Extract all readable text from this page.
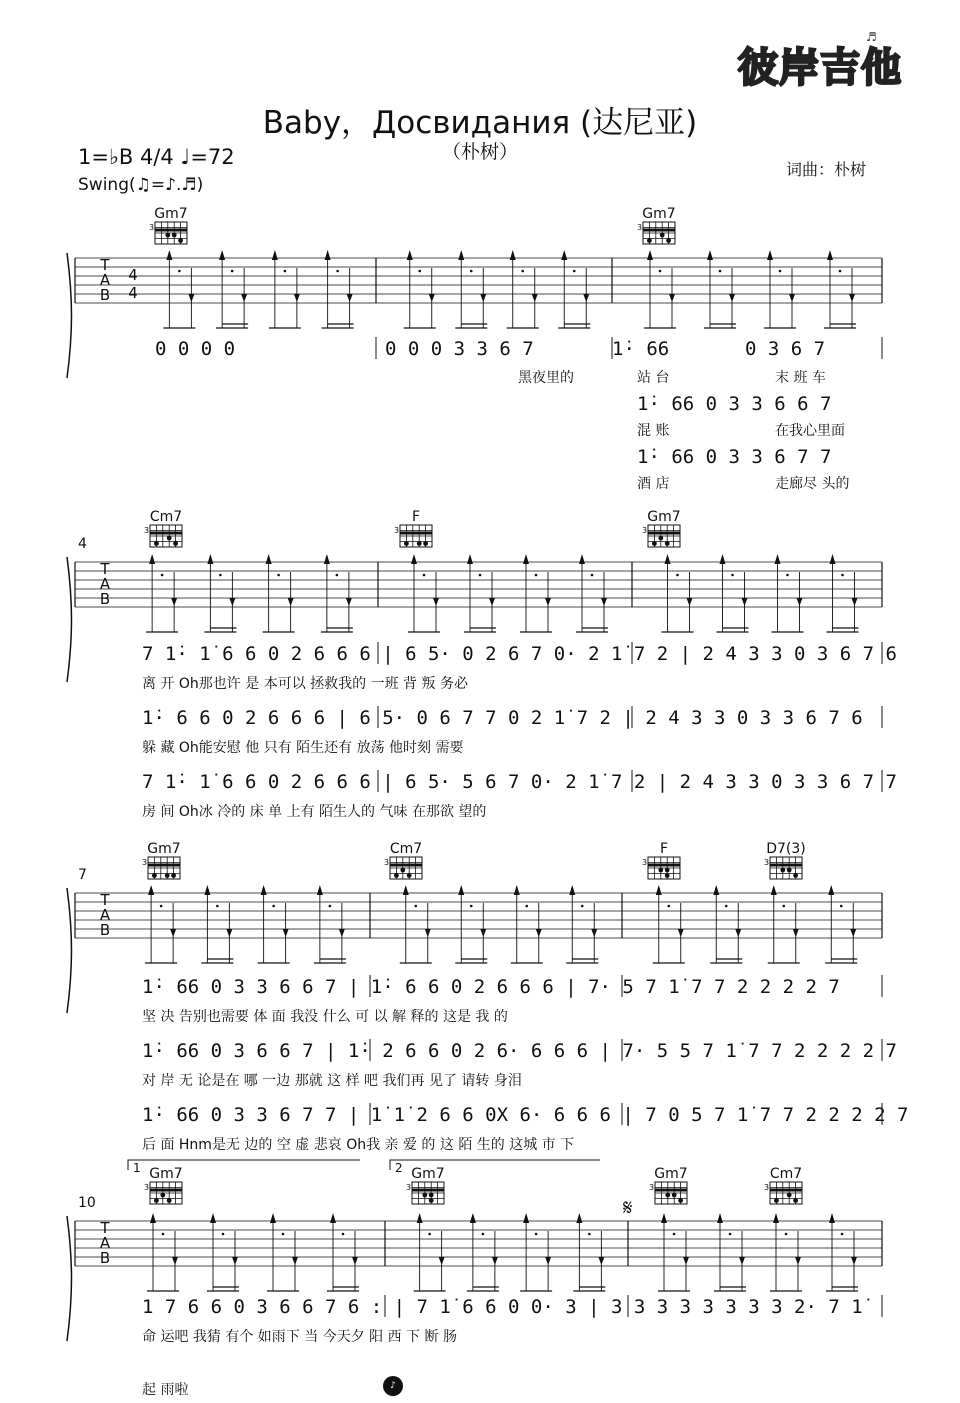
彼岸吉他
♬
Baby，Досвидания (达尼亚)
（朴树）
词曲：朴树
1=♭B 4/4 ♩=72
Swing(♫=♪.♬)
Gm7
3
Gm7
3
T
A
B
4
4
0 0 0 0	0 0 0 3 3 6 7	1̇· 66	0 3 6 7
黑夜里的	站 台	末 班 车
混 账	在我心里面
1̇· 66 0 3 3 6 6 7
酒 店	走廊尽 头的
1̇· 66 0 3 3 6 7 7
4
Cm7
3
F
3
Gm7
3
T
A
B
7 1̇· 1̇ 6 6 0 2 6 6 6 | 6 5· 0 2 6 7 0· 2 1̇ 7 2 | 2 4 3 3 0 3 6 7 6
离 开 Oh那也许 是 本可以 拯救我的 一班 背 叛 务必
1̇· 6 6 0 2 6 6 6 | 6 5· 0 6 7 7 0 2 1̇ 7 2 | 2 4 3 3 0 3 3 6 7 6
躲 藏 Oh能安慰 他 只有 陌生还有 放荡 他时刻 需要
7 1̇· 1̇ 6 6 0 2 6 6 6 | 6 5· 5 6 7 0· 2 1̇ 7 2 | 2 4 3 3 0 3 3 6 7 7
房 间 Oh冰 冷的 床 单 上有 陌生人的 气味 在那欲 望的
7
Gm7
3
Cm7
3
F
3
D7(3)
3
T
A
B
1̇· 66 0 3 3 6 6 7 | 1̇· 6 6 0 2 6 6 6 | 7· 5 7 1̇ 7 7 2 2 2 2 7
坚 决 告别也需要 体 面 我没 什么 可 以 解 释的 这是 我 的
1̇· 66 0 3 6 6 7 | 1̇· 2 6 6 0 2 6· 6 6 6 | 7· 5 5 7 1̇ 7 7 2 2 2 2 7
对 岸 无 论是在 哪 一边 那就 这 样 吧 我们再 见了 请转 身泪
1̇· 66 0 3 3 6 7 7 | 1̇ 1̇ 2 6 6 0X 6· 6 6 6 | 7 0 5 7 1̇ 7 7 2 2 2 2 7
后 面 Hnm是无 边的 空 虚 悲哀 Oh我 亲 爱 的 这 陌 生的 这城 市 下
10
Gm7
3
Gm7
3
Gm7
3
Cm7
3
T
A
B
1 7 6 6 0 3 6 6 7 6 : | 7 1̇ 6 6 0 0· 3 | 3 3 3 3 3 3 3 3 2· 7 1̇
命 运吧 我猜 有个 如雨下 当 今天夕 阳 西 下 断 肠
起 雨啦
1	2
𝄋
♪
